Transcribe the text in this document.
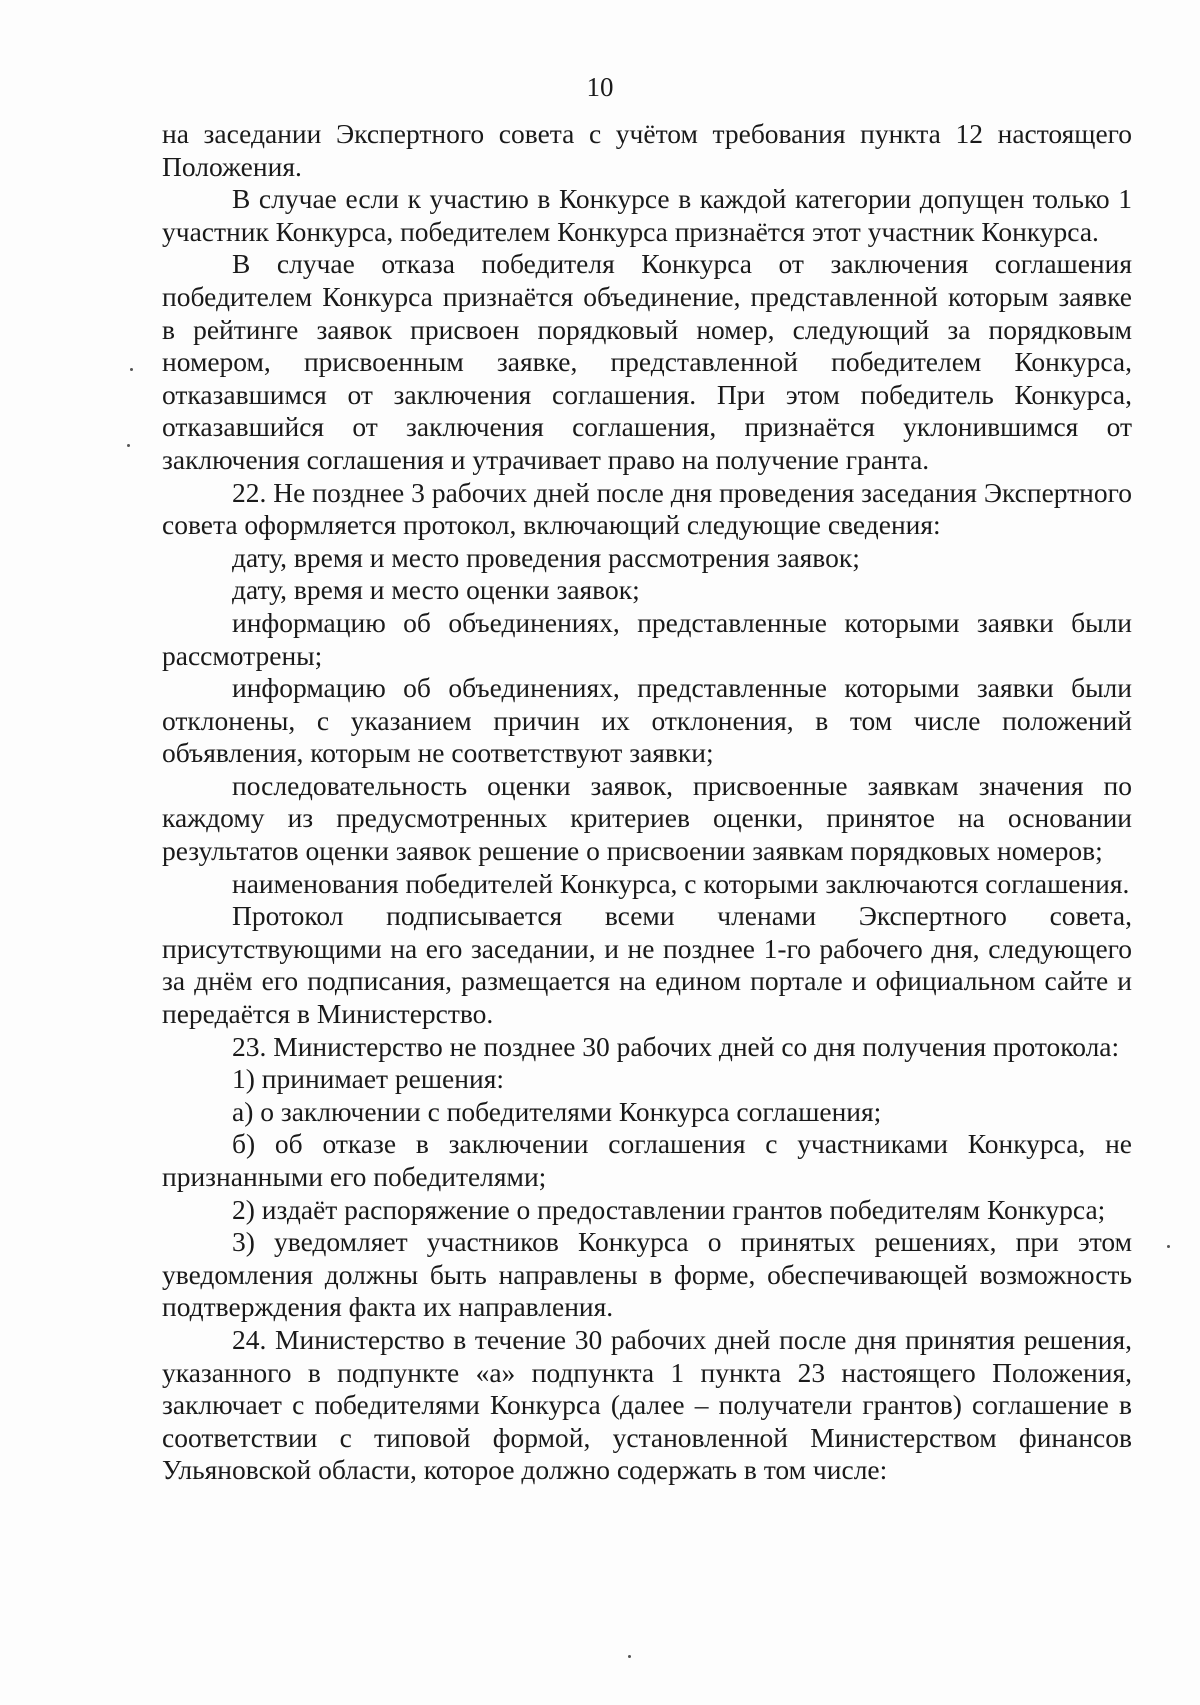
10

на заседании Экспертного совета с учётом требования пункта 12 настоящего Положения.

В случае если к участию в Конкурсе в каждой категории допущен только 1 участник Конкурса, победителем Конкурса признаётся этот участник Конкурса.

В случае отказа победителя Конкурса от заключения соглашения победителем Конкурса признаётся объединение, представленной которым заявке в рейтинге заявок присвоен порядковый номер, следующий за порядковым номером, присвоенным заявке, представленной победителем Конкурса, отказавшимся от заключения соглашения. При этом победитель Конкурса, отказавшийся от заключения соглашения, признаётся уклонившимся от заключения соглашения и утрачивает право на получение гранта.

22. Не позднее 3 рабочих дней после дня проведения заседания Экспертного совета оформляется протокол, включающий следующие сведения:

дату, время и место проведения рассмотрения заявок;

дату, время и место оценки заявок;

информацию об объединениях, представленные которыми заявки были рассмотрены;

информацию об объединениях, представленные которыми заявки были отклонены, с указанием причин их отклонения, в том числе положений объявления, которым не соответствуют заявки;

последовательность оценки заявок, присвоенные заявкам значения по каждому из предусмотренных критериев оценки, принятое на основании результатов оценки заявок решение о присвоении заявкам порядковых номеров;

наименования победителей Конкурса, с которыми заключаются соглашения.

Протокол подписывается всеми членами Экспертного совета, присутствующими на его заседании, и не позднее 1-го рабочего дня, следующего за днём его подписания, размещается на едином портале и официальном сайте и передаётся в Министерство.

23. Министерство не позднее 30 рабочих дней со дня получения протокола:

1) принимает решения:

а) о заключении с победителями Конкурса соглашения;

б) об отказе в заключении соглашения с участниками Конкурса, не признанными его победителями;

2) издаёт распоряжение о предоставлении грантов победителям Конкурса;

3) уведомляет участников Конкурса о принятых решениях, при этом уведомления должны быть направлены в форме, обеспечивающей возможность подтверждения факта их направления.

24. Министерство в течение 30 рабочих дней после дня принятия решения, указанного в подпункте «а» подпункта 1 пункта 23 настоящего Положения, заключает с победителями Конкурса (далее – получатели грантов) соглашение в соответствии с типовой формой, установленной Министерством финансов Ульяновской области, которое должно содержать в том числе:
